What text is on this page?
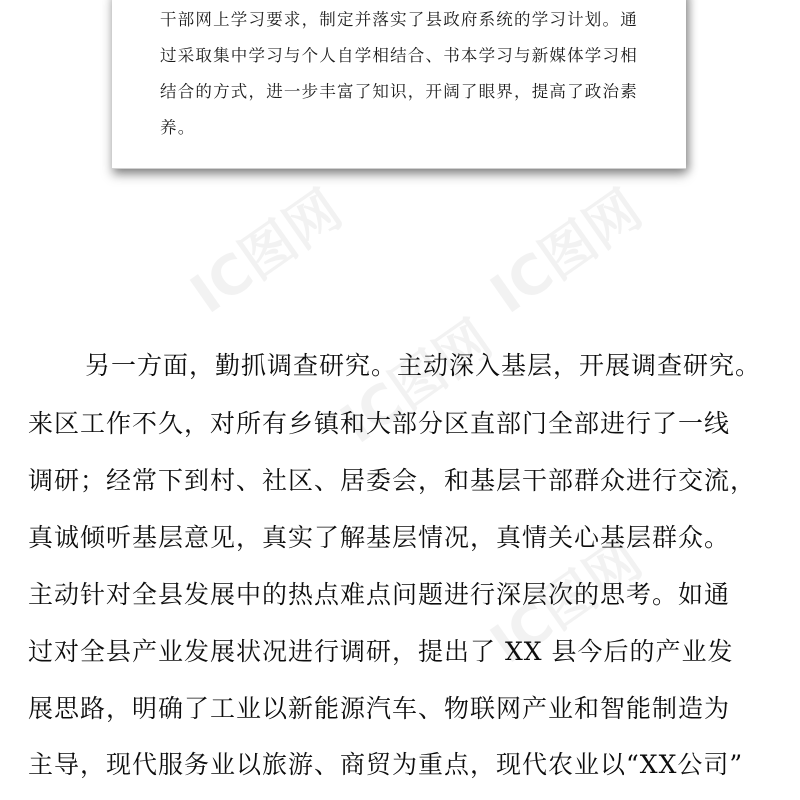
干部网上学习要求，制定并落实了县政府系统的学习计划。通
过采取集中学习与个人自学相结合、书本学习与新媒体学习相
结合的方式，进一步丰富了知识，开阔了眼界，提高了政治素
养。
IC图网 IC图网
IC图网
IC图网
另一方面，勤抓调查研究。主动深入基层，开展调查研究。
来区工作不久，对所有乡镇和大部分区直部门全部进行了一线
调研；经常下到村、社区、居委会，和基层干部群众进行交流，
真诚倾听基层意见，真实了解基层情况，真情关心基层群众。
主动针对全县发展中的热点难点问题进行深层次的思考。如通
过对全县产业发展状况进行调研，提出了 XX 县今后的产业发
展思路，明确了工业以新能源汽车、物联网产业和智能制造为
主导，现代服务业以旅游、商贸为重点，现代农业以“XX公司”
